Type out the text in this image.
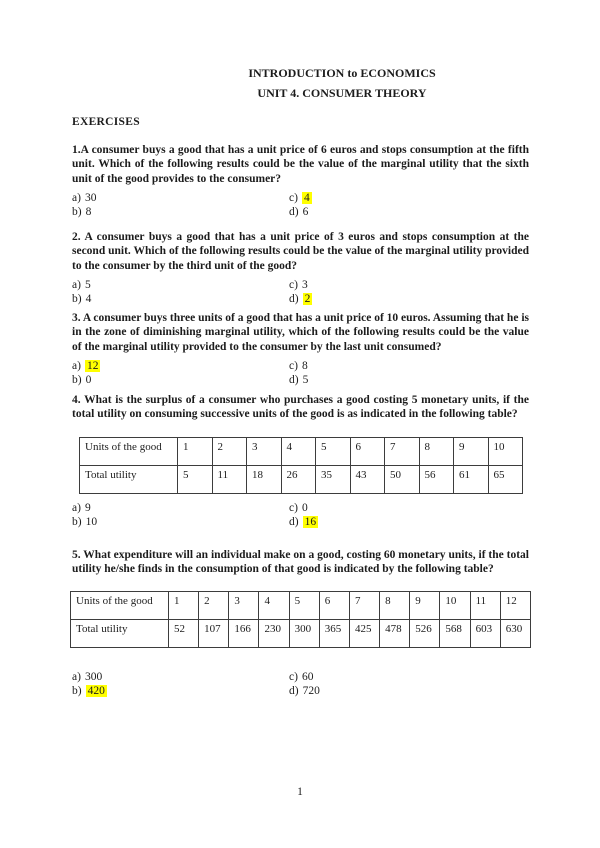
INTRODUCTION to ECONOMICS
UNIT 4. CONSUMER THEORY
EXERCISES
1.A consumer buys a good that has a unit price of 6 euros and stops consumption at the fifth unit. Which of the following results could be the value of the marginal utility that the sixth unit of the good provides to the consumer?
a) 30
b) 8
c) 4
d) 6
2. A consumer buys a good that has a unit price of 3 euros and stops consumption at the second unit. Which of the following results could be the value of the marginal utility provided to the consumer by the third unit of the good?
a) 5
b) 4
c) 3
d) 2
3. A consumer buys three units of a good that has a unit price of 10 euros. Assuming that he is in the zone of diminishing marginal utility, which of the following results could be the value of the marginal utility provided to the consumer by the last unit consumed?
a) 12
b) 0
c) 8
d) 5
4. What is the surplus of a consumer who purchases a good costing 5 monetary units, if the total utility on consuming successive units of the good is as indicated in the following table?
Units of the good	1	2	3	4	5	6	7	8	9	10
Total utility	5	11	18	26	35	43	50	56	61	65
a) 9
b) 10
c) 0
d) 16
5. What expenditure will an individual make on a good, costing 60 monetary units, if the total utility he/she finds in the consumption of that good is indicated by the following table?
Units of the good	1	2	3	4	5	6	7	8	9	10	11	12
Total utility	52	107	166	230	300	365	425	478	526	568	603	630
a) 300
b) 420
c) 60
d) 720
1
